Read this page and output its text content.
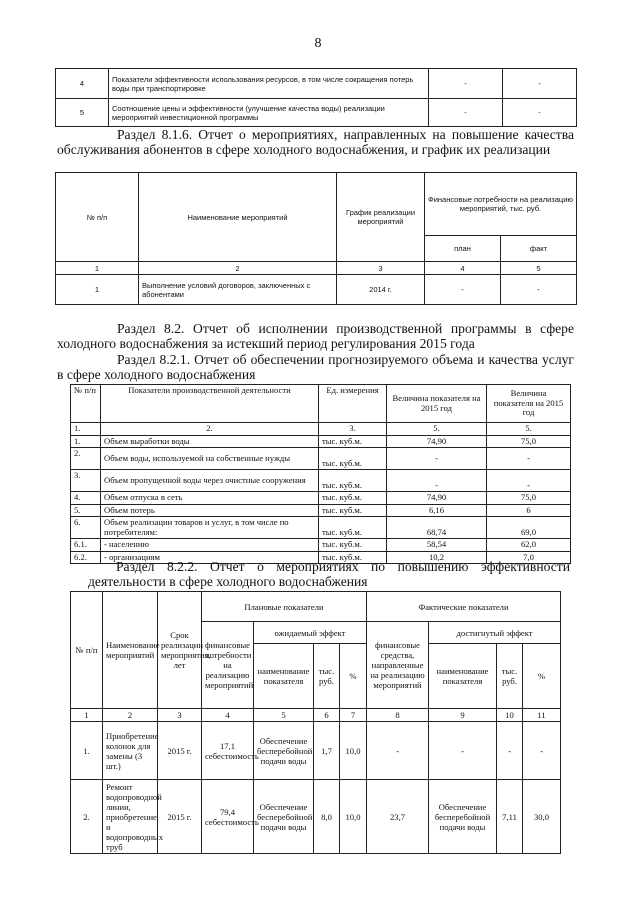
8
4	Показатели эффективности использования ресурсов, в том числе сокращения потерь воды при транспортировке	-	-
5	Соотношение цены и эффективности (улучшение качества воды) реализации мероприятий инвестиционной программы	-	-
Раздел 8.1.6. Отчет о мероприятиях, направленных на повышение качества обслуживания абонентов в сфере холодного водоснабжения, и график их реализации
№ п/п	Наименование мероприятий	График реализации мероприятий	Финансовые потребности на реализацию мероприятий, тыс. руб.	
			план	факт
1	2	3	4	5
1	Выполнение условий договоров, заключенных с абонентами	2014 г.	-	-
Раздел 8.2. Отчет об исполнении производственной программы в сфере холодного водоснабжения за истекший период регулирования 2015 года
Раздел 8.2.1. Отчет об обеспечении прогнозируемого объема и качества услуг в сфере холодного водоснабжения
№ п/п	Показатели производственной деятельности	Ед. измерения	Величина показателя на 2015 год	Величина показателя на 2015 год
1.	2.	3.	5.	5.
1.	Объем выработки воды	тыс. куб.м.	74,90	75,0
2.	Объем воды, используемой на собственные нужды	тыс. куб.м.	-	-
3.	Объем пропущенной воды через очистные сооружения	тыс. куб.м.	-	-
4.	Объем отпуска в сеть	тыс. куб.м.	74,90	75,0
5.	Объем потерь	тыс. куб.м.	6,16	6
6.	Объем реализации товаров и услуг, в том числе по потребителям:	тыс. куб.м.	68,74	69,0
6.1.	- населению	тыс. куб.м.	58,54	62,0
6.2.	- организациям	тыс. куб.м.	10,2	7,0
Раздел 8.2.2. Отчет о мероприятиях по повышению эффективности деятельности в сфере холодного водоснабжения
№ п/п	Наименование мероприятий	Срок реализации мероприятия, лет	Плановые показатели				Фактические показатели			
			финансовые потребности на реализацию мероприятий	ожидаемый эффект			финансовые средства, направленные на реализацию мероприятий	достигнутый эффект		
				наименование показателя	тыс. руб.	%		наименование показателя	тыс. руб.	%
1	2	3	4	5	6	7	8	9	10	11
1.	Приобретение колонок для замены (3 шт.)	2015 г.	17,1 себестоимость	Обеспечение бесперебойной подачи воды	1,7	10,0	-	-	-	-
2.	Ремонт водопроводной линии, приобретение и водопроводных труб	2015 г.	79,4 себестоимость	Обеспечение бесперебойной подачи воды	8,0	10,0	23,7	Обеспечение бесперебойной подачи воды	7,11	30,0
